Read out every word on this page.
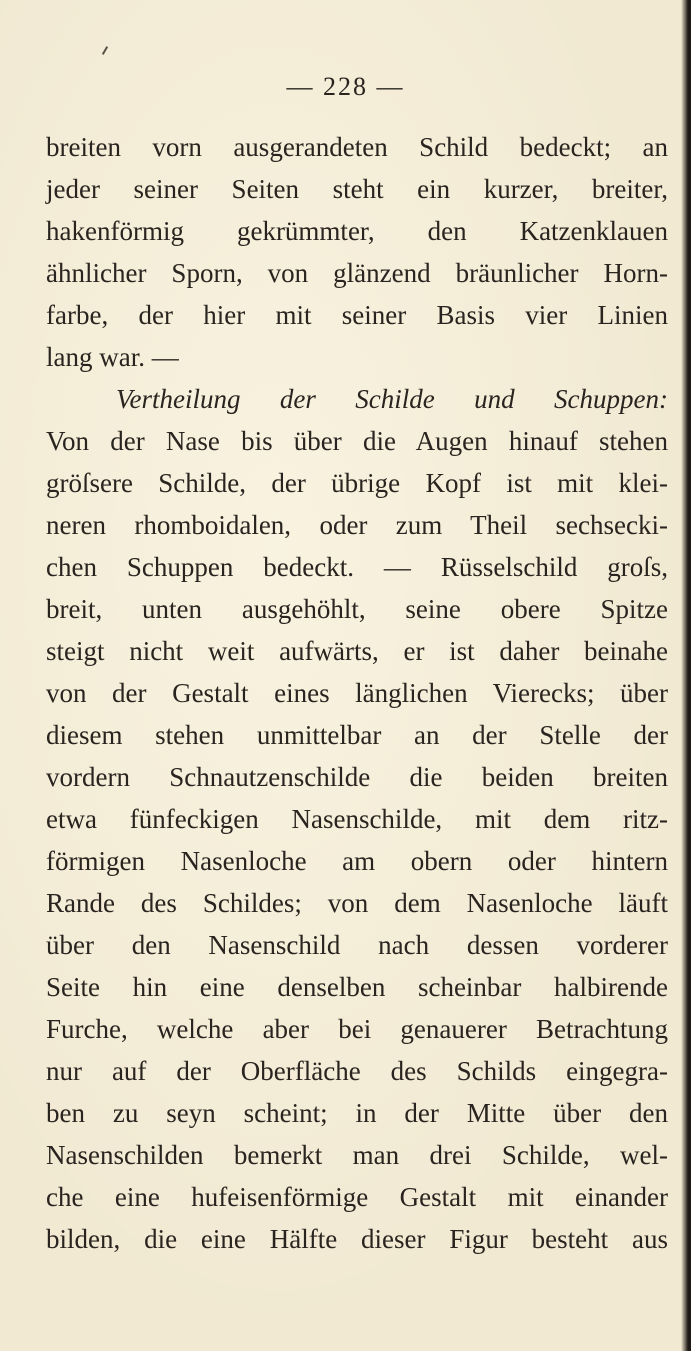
— 228 —
breiten vorn ausgerandeten Schild bedeckt; an
jeder seiner Seiten steht ein kurzer, breiter,
hakenförmig gekrümmter, den Katzenklauen
ähnlicher Sporn, von glänzend bräunlicher Horn-
farbe, der hier mit seiner Basis vier Linien
lang war. —
Vertheilung der Schilde und Schuppen:
Von der Nase bis über die Augen hinauf stehen
gröſsere Schilde, der übrige Kopf ist mit klei-
neren rhomboidalen, oder zum Theil sechsecki-
chen Schuppen bedeckt. — Rüsselschild groſs,
breit, unten ausgehöhlt, seine obere Spitze
steigt nicht weit aufwärts, er ist daher beinahe
von der Gestalt eines länglichen Vierecks; über
diesem stehen unmittelbar an der Stelle der
vordern Schnautzenschilde die beiden breiten
etwa fünfeckigen Nasenschilde, mit dem ritz-
förmigen Nasenloche am obern oder hintern
Rande des Schildes; von dem Nasenloche läuft
über den Nasenschild nach dessen vorderer
Seite hin eine denselben scheinbar halbirende
Furche, welche aber bei genauerer Betrachtung
nur auf der Oberfläche des Schilds eingegra-
ben zu seyn scheint; in der Mitte über den
Nasenschilden bemerkt man drei Schilde, wel-
che eine hufeisenförmige Gestalt mit einander
bilden, die eine Hälfte dieser Figur besteht aus
